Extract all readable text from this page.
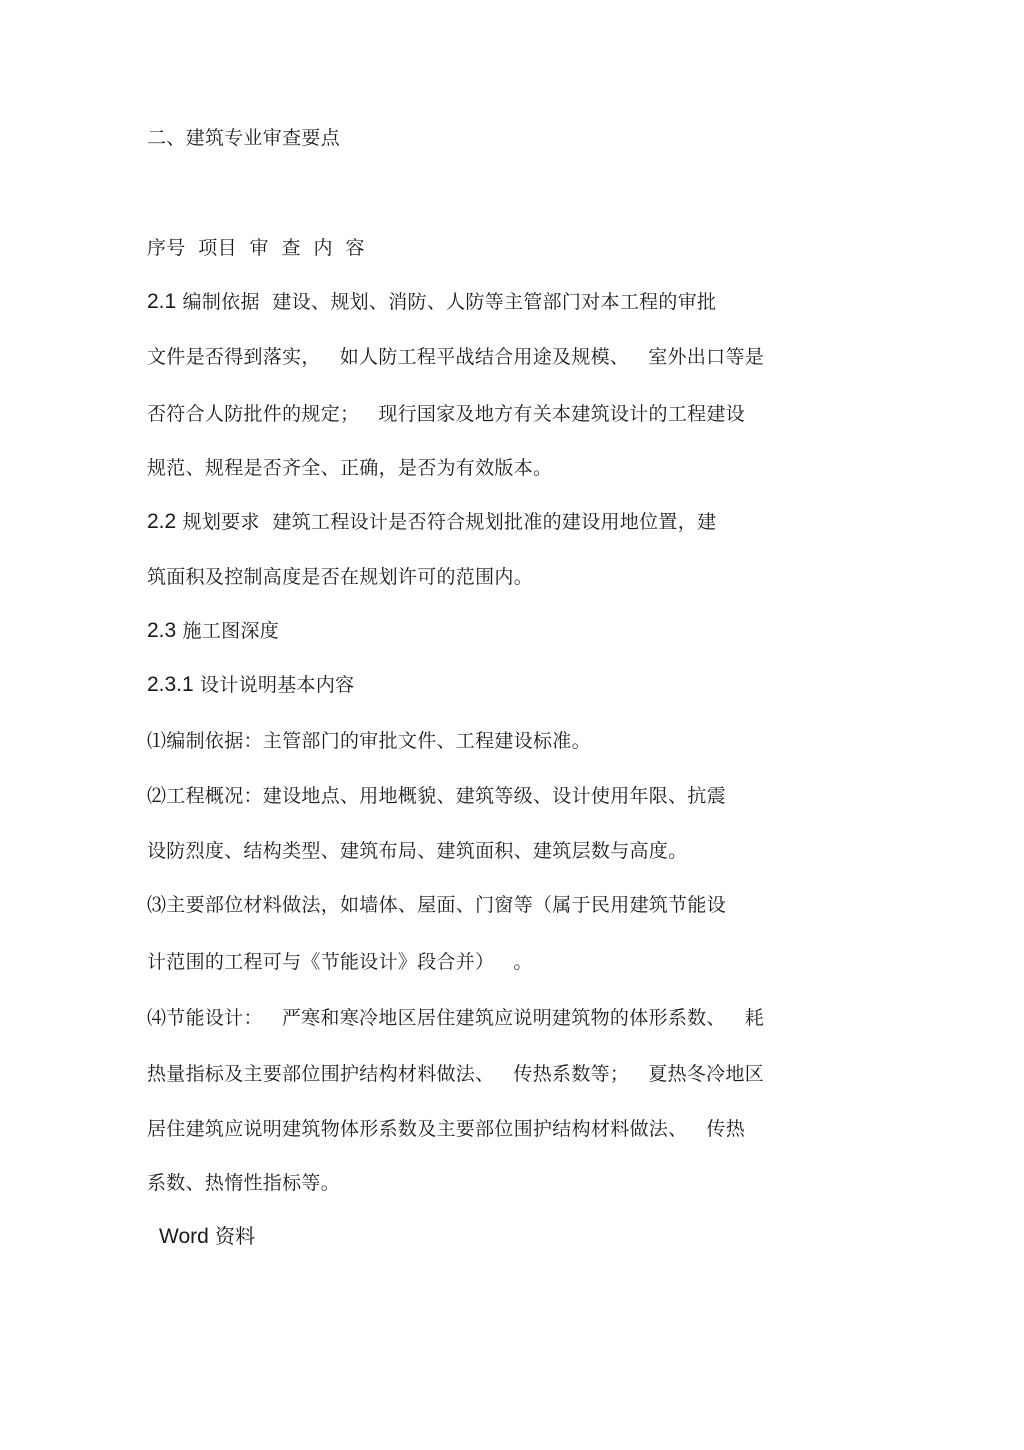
二、建筑专业审查要点
序号  项目  审  查  内  容
2.1 编制依据  建设、规划、消防、人防等主管部门对本工程的审批
文件是否得到落实，   如人防工程平战结合用途及规模、   室外出口等是
否符合人防批件的规定；   现行国家及地方有关本建筑设计的工程建设
规范、规程是否齐全、正确，是否为有效版本。
2.2 规划要求  建筑工程设计是否符合规划批准的建设用地位置，建
筑面积及控制高度是否在规划许可的范围内。
2.3 施工图深度
2.3.1 设计说明基本内容
⑴编制依据：主管部门的审批文件、工程建设标准。
⑵工程概况：建设地点、用地概貌、建筑等级、设计使用年限、抗震
设防烈度、结构类型、建筑布局、建筑面积、建筑层数与高度。
⑶主要部位材料做法，如墙体、屋面、门窗等（属于民用建筑节能设
计范围的工程可与《节能设计》段合并）   。
⑷节能设计：   严寒和寒冷地区居住建筑应说明建筑物的体形系数、   耗
热量指标及主要部位围护结构材料做法、   传热系数等；   夏热冬冷地区
居住建筑应说明建筑物体形系数及主要部位围护结构材料做法、   传热
系数、热惰性指标等。
Word 资料
